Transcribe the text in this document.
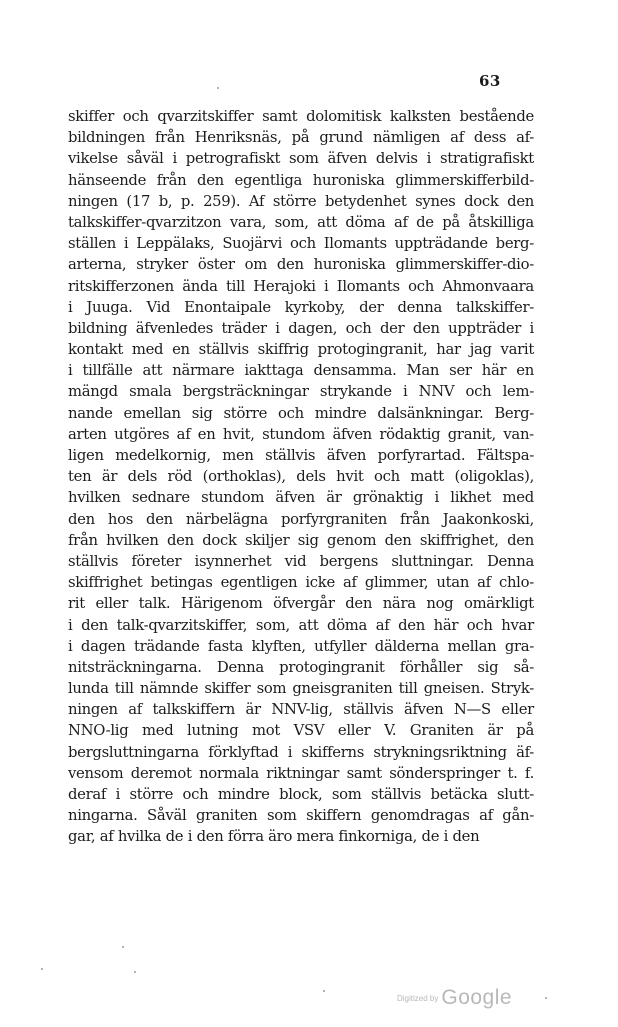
63
skiffer och qvarzitskiffer samt dolomitisk kalksten bestående
bildningen från Henriksnäs, på grund nämligen af dess af-
vikelse såväl i petrografiskt som äfven delvis i stratigrafiskt
hänseende från den egentliga huroniska glimmerskifferbild-
ningen (17 b, p. 259). Af större betydenhet synes dock den
talkskiffer-qvarzitzon vara, som, att döma af de på åtskilliga
ställen i Leppälaks, Suojärvi och Ilomants uppträdande berg-
arterna, stryker öster om den huroniska glimmerskiffer-dio-
ritskifferzonen ända till Herajoki i Ilomants och Ahmonvaara
i Juuga. Vid Enontaipale kyrkoby, der denna talkskiffer-
bildning äfvenledes träder i dagen, och der den uppträder i
kontakt med en ställvis skiffrig protogingranit, har jag varit
i tillfälle att närmare iakttaga densamma. Man ser här en
mängd smala bergsträckningar strykande i NNV och lem-
nande emellan sig större och mindre dalsänkningar. Berg-
arten utgöres af en hvit, stundom äfven rödaktig granit, van-
ligen medelkornig, men ställvis äfven porfyrartad. Fältspa-
ten är dels röd (orthoklas), dels hvit och matt (oligoklas),
hvilken sednare stundom äfven är grönaktig i likhet med
den hos den närbelägna porfyrgraniten från Jaakonkoski,
från hvilken den dock skiljer sig genom den skiffrighet, den
ställvis företer isynnerhet vid bergens sluttningar. Denna
skiffrighet betingas egentligen icke af glimmer, utan af chlo-
rit eller talk. Härigenom öfvergår den nära nog omärkligt
i den talk-qvarzitskiffer, som, att döma af den här och hvar
i dagen trädande fasta klyften, utfyller dälderna mellan gra-
nitsträckningarna. Denna protogingranit förhåller sig så-
lunda till nämnde skiffer som gneisgraniten till gneisen. Stryk-
ningen af talkskiffern är NNV-lig, ställvis äfven N—S eller
NNO-lig med lutning mot VSV eller V. Graniten är på
bergsluttningarna förklyftad i skifferns strykningsriktning äf-
vensom deremot normala riktningar samt sönderspringer t. f.
deraf i större och mindre block, som ställvis betäcka slutt-
ningarna. Såväl graniten som skiffern genomdragas af gån-
gar, af hvilka de i den förra äro mera finkorniga, de i den
Digitized by Google
